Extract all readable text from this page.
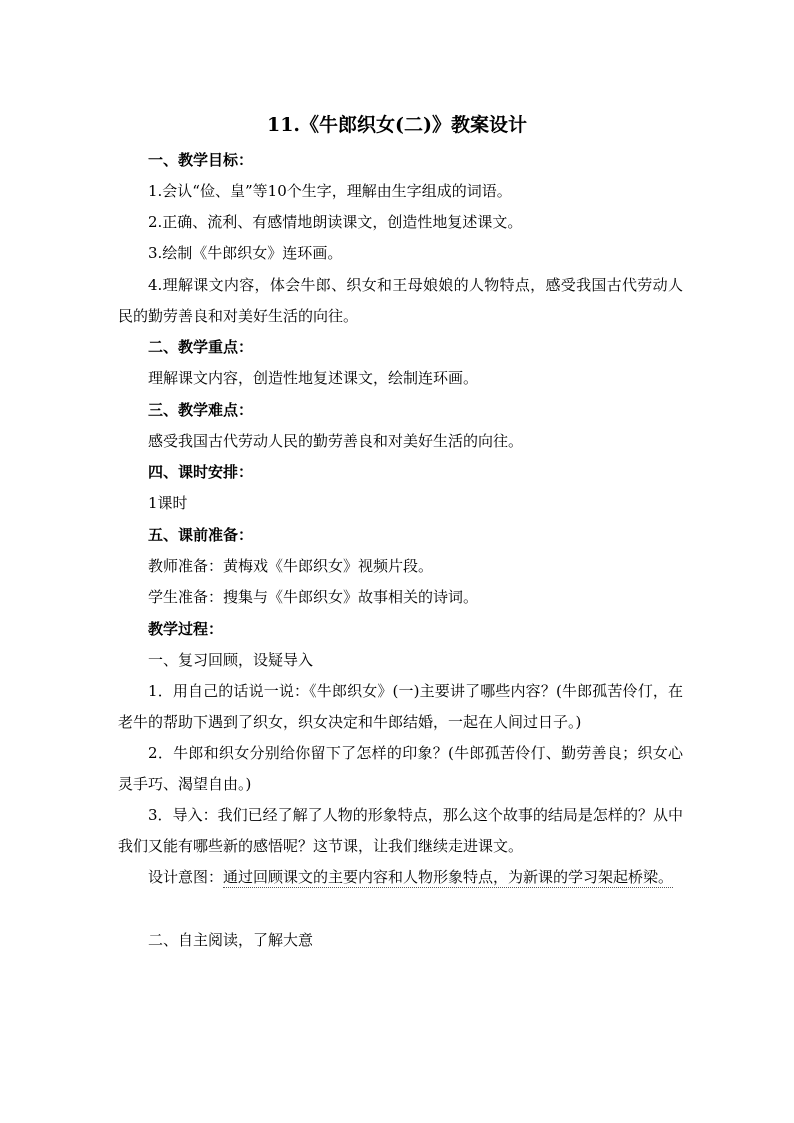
11.《牛郎织女(二)》教案设计
一、教学目标：
1.会认“俭、皇”等10个生字，理解由生字组成的词语。
2.正确、流利、有感情地朗读课文，创造性地复述课文。
3.绘制《牛郎织女》连环画。
4.理解课文内容，体会牛郎、织女和王母娘娘的人物特点，感受我国古代劳动人民的勤劳善良和对美好生活的向往。
二、教学重点：
理解课文内容，创造性地复述课文，绘制连环画。
三、教学难点：
感受我国古代劳动人民的勤劳善良和对美好生活的向往。
四、课时安排：
1课时
五、课前准备：
教师准备：黄梅戏《牛郎织女》视频片段。
学生准备：搜集与《牛郎织女》故事相关的诗词。
教学过程：
一、复习回顾，设疑导入
1．用自己的话说一说：《牛郎织女》(一)主要讲了哪些内容？(牛郎孤苦伶仃，在老牛的帮助下遇到了织女，织女决定和牛郎结婚，一起在人间过日子。)
2．牛郎和织女分别给你留下了怎样的印象？(牛郎孤苦伶仃、勤劳善良；织女心灵手巧、渴望自由。)
3．导入：我们已经了解了人物的形象特点，那么这个故事的结局是怎样的？从中我们又能有哪些新的感悟呢？这节课，让我们继续走进课文。
设计意图：通过回顾课文的主要内容和人物形象特点，为新课的学习架起桥梁。
二、自主阅读，了解大意
